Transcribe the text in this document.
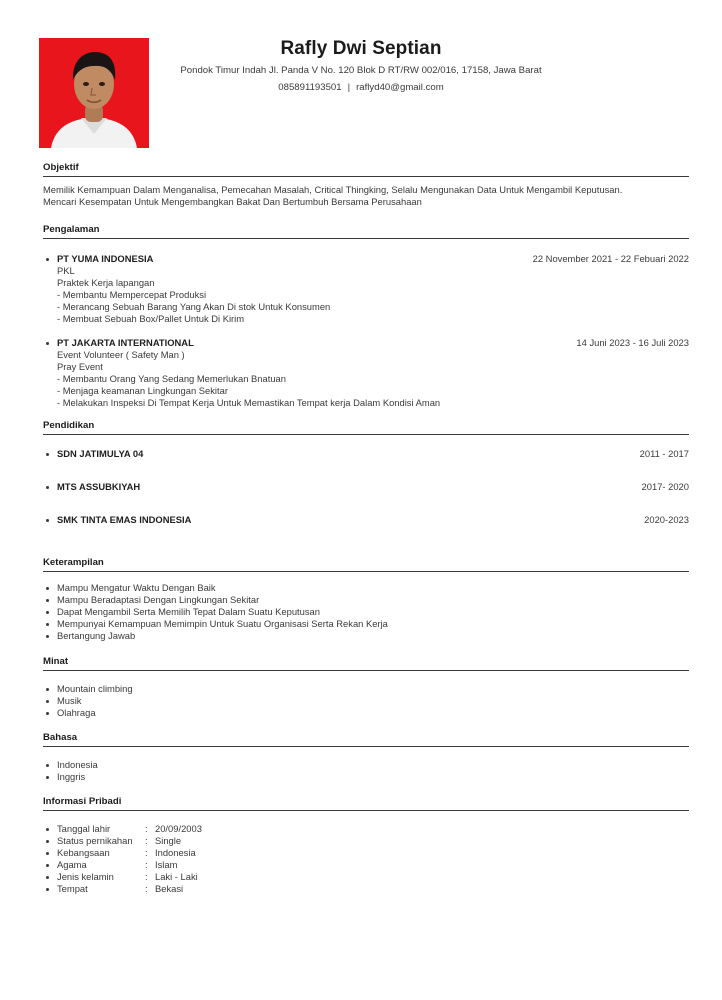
Rafly Dwi Septian
Pondok Timur Indah Jl. Panda V No. 120 Blok D RT/RW 002/016, 17158, Jawa Barat
085891193501 | raflyd40@gmail.com
Objektif
Memilik Kemampuan Dalam Menganalisa, Pemecahan Masalah, Critical Thingking, Selalu Mengunakan Data Untuk Mengambil Keputusan.
Mencari Kesempatan Untuk Mengembangkan Bakat Dan Bertumbuh Bersama Perusahaan
Pengalaman
PT YUMA INDONESIA	22 November 2021 - 22 Febuari 2022
PKL
Praktek Kerja lapangan
- Membantu Mempercepat Produksi
- Merancang Sebuah Barang Yang Akan Di stok Untuk Konsumen
- Membuat Sebuah Box/Pallet Untuk Di Kirim
PT JAKARTA INTERNATIONAL	14 Juni 2023 - 16 Juli 2023
Event Volunteer ( Safety Man )
Pray Event
- Membantu Orang Yang Sedang Memerlukan Bnatuan
- Menjaga keamanan Lingkungan Sekitar
- Melakukan Inspeksi Di Tempat Kerja Untuk Memastikan Tempat kerja Dalam Kondisi Aman
Pendidikan
SDN JATIMULYA 04	2011 - 2017
MTS ASSUBKIYAH	2017- 2020
SMK TINTA EMAS INDONESIA	2020-2023
Keterampilan
Mampu Mengatur Waktu Dengan Baik
Mampu Beradaptasi Dengan Lingkungan Sekitar
Dapat Mengambil Serta Memilih Tepat Dalam Suatu Keputusan
Mempunyai Kemampuan Memimpin Untuk Suatu Organisasi Serta Rekan Kerja
Bertangung Jawab
Minat
Mountain climbing
Musik
Olahraga
Bahasa
Indonesia
Inggris
Informasi Pribadi
Tanggal lahir	: 20/09/2003
Status pernikahan	: Single
Kebangsaan	: Indonesia
Agama	: Islam
Jenis kelamin	: Laki - Laki
Tempat	: Bekasi
